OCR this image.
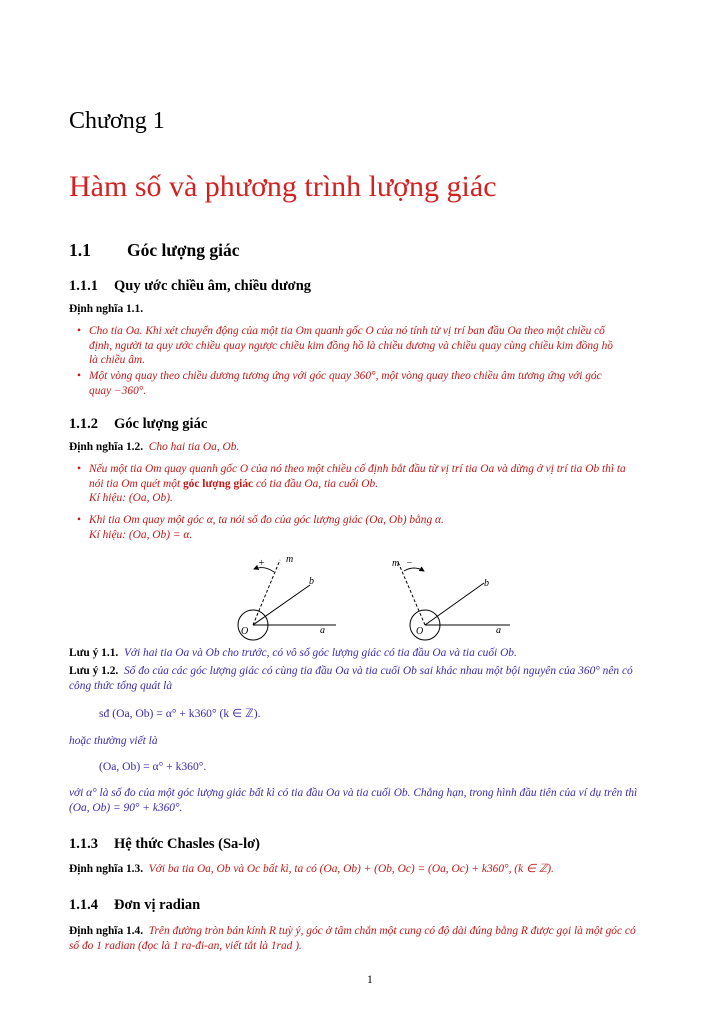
Chương 1
Hàm số và phương trình lượng giác
1.1 Góc lượng giác
1.1.1 Quy ước chiều âm, chiều dương
Định nghĩa 1.1.
• Cho tia Oa. Khi xét chuyển động của một tia Om quanh gốc O của nó tính từ vị trí ban đầu Oa theo một chiều cố
định, người ta quy ước chiều quay ngược chiều kim đồng hồ là chiều dương và chiều quay cùng chiều kim đồng hồ
là chiều âm.
• Một vòng quay theo chiều dương tương ứng với góc quay 360°, một vòng quay theo chiều âm tương ứng với góc
quay −360°.
1.1.2 Góc lượng giác
Định nghĩa 1.2. Cho hai tia Oa, Ob.
• Nếu một tia Om quay quanh gốc O của nó theo một chiều cố định bắt đầu từ vị trí tia Oa và dừng ở vị trí tia Ob thì ta
nói tia Om quét một góc lượng giác có tia đầu Oa, tia cuối Ob.
Kí hiệu: (Oa, Ob).
• Khi tia Om quay một góc α, ta nói số đo của góc lượng giác (Oa, Ob) bằng α.
Kí hiệu: (Oa, Ob) = α.
+ m
b
O	a
m −
b
O	a
Lưu ý 1.1. Với hai tia Oa và Ob cho trước, có vô số góc lượng giác có tia đầu Oa và tia cuối Ob.
Lưu ý 1.2. Số đo của các góc lượng giác có cùng tia đầu Oa và tia cuối Ob sai khác nhau một bội nguyên của 360° nên có
công thức tổng quát là
sđ (Oa, Ob) = α° + k360° (k ∈ ℤ).
hoặc thường viết là
(Oa, Ob) = α° + k360°.
với α° là số đo của một góc lượng giác bất kì có tia đầu Oa và tia cuối Ob. Chẳng hạn, trong hình đầu tiên của ví dụ trên thì
(Oa, Ob) = 90° + k360°.
1.1.3 Hệ thức Chasles (Sa-lơ)
Định nghĩa 1.3. Với ba tia Oa, Ob và Oc bất kì, ta có (Oa, Ob) + (Ob, Oc) = (Oa, Oc) + k360°, (k ∈ ℤ).
1.1.4 Đơn vị radian
Định nghĩa 1.4. Trên đường tròn bán kính R tuỳ ý, góc ở tâm chắn một cung có độ dài đúng bằng R được gọi là một góc có
số đo 1 radian (đọc là 1 ra-đi-an, viết tắt là 1rad ).
1
